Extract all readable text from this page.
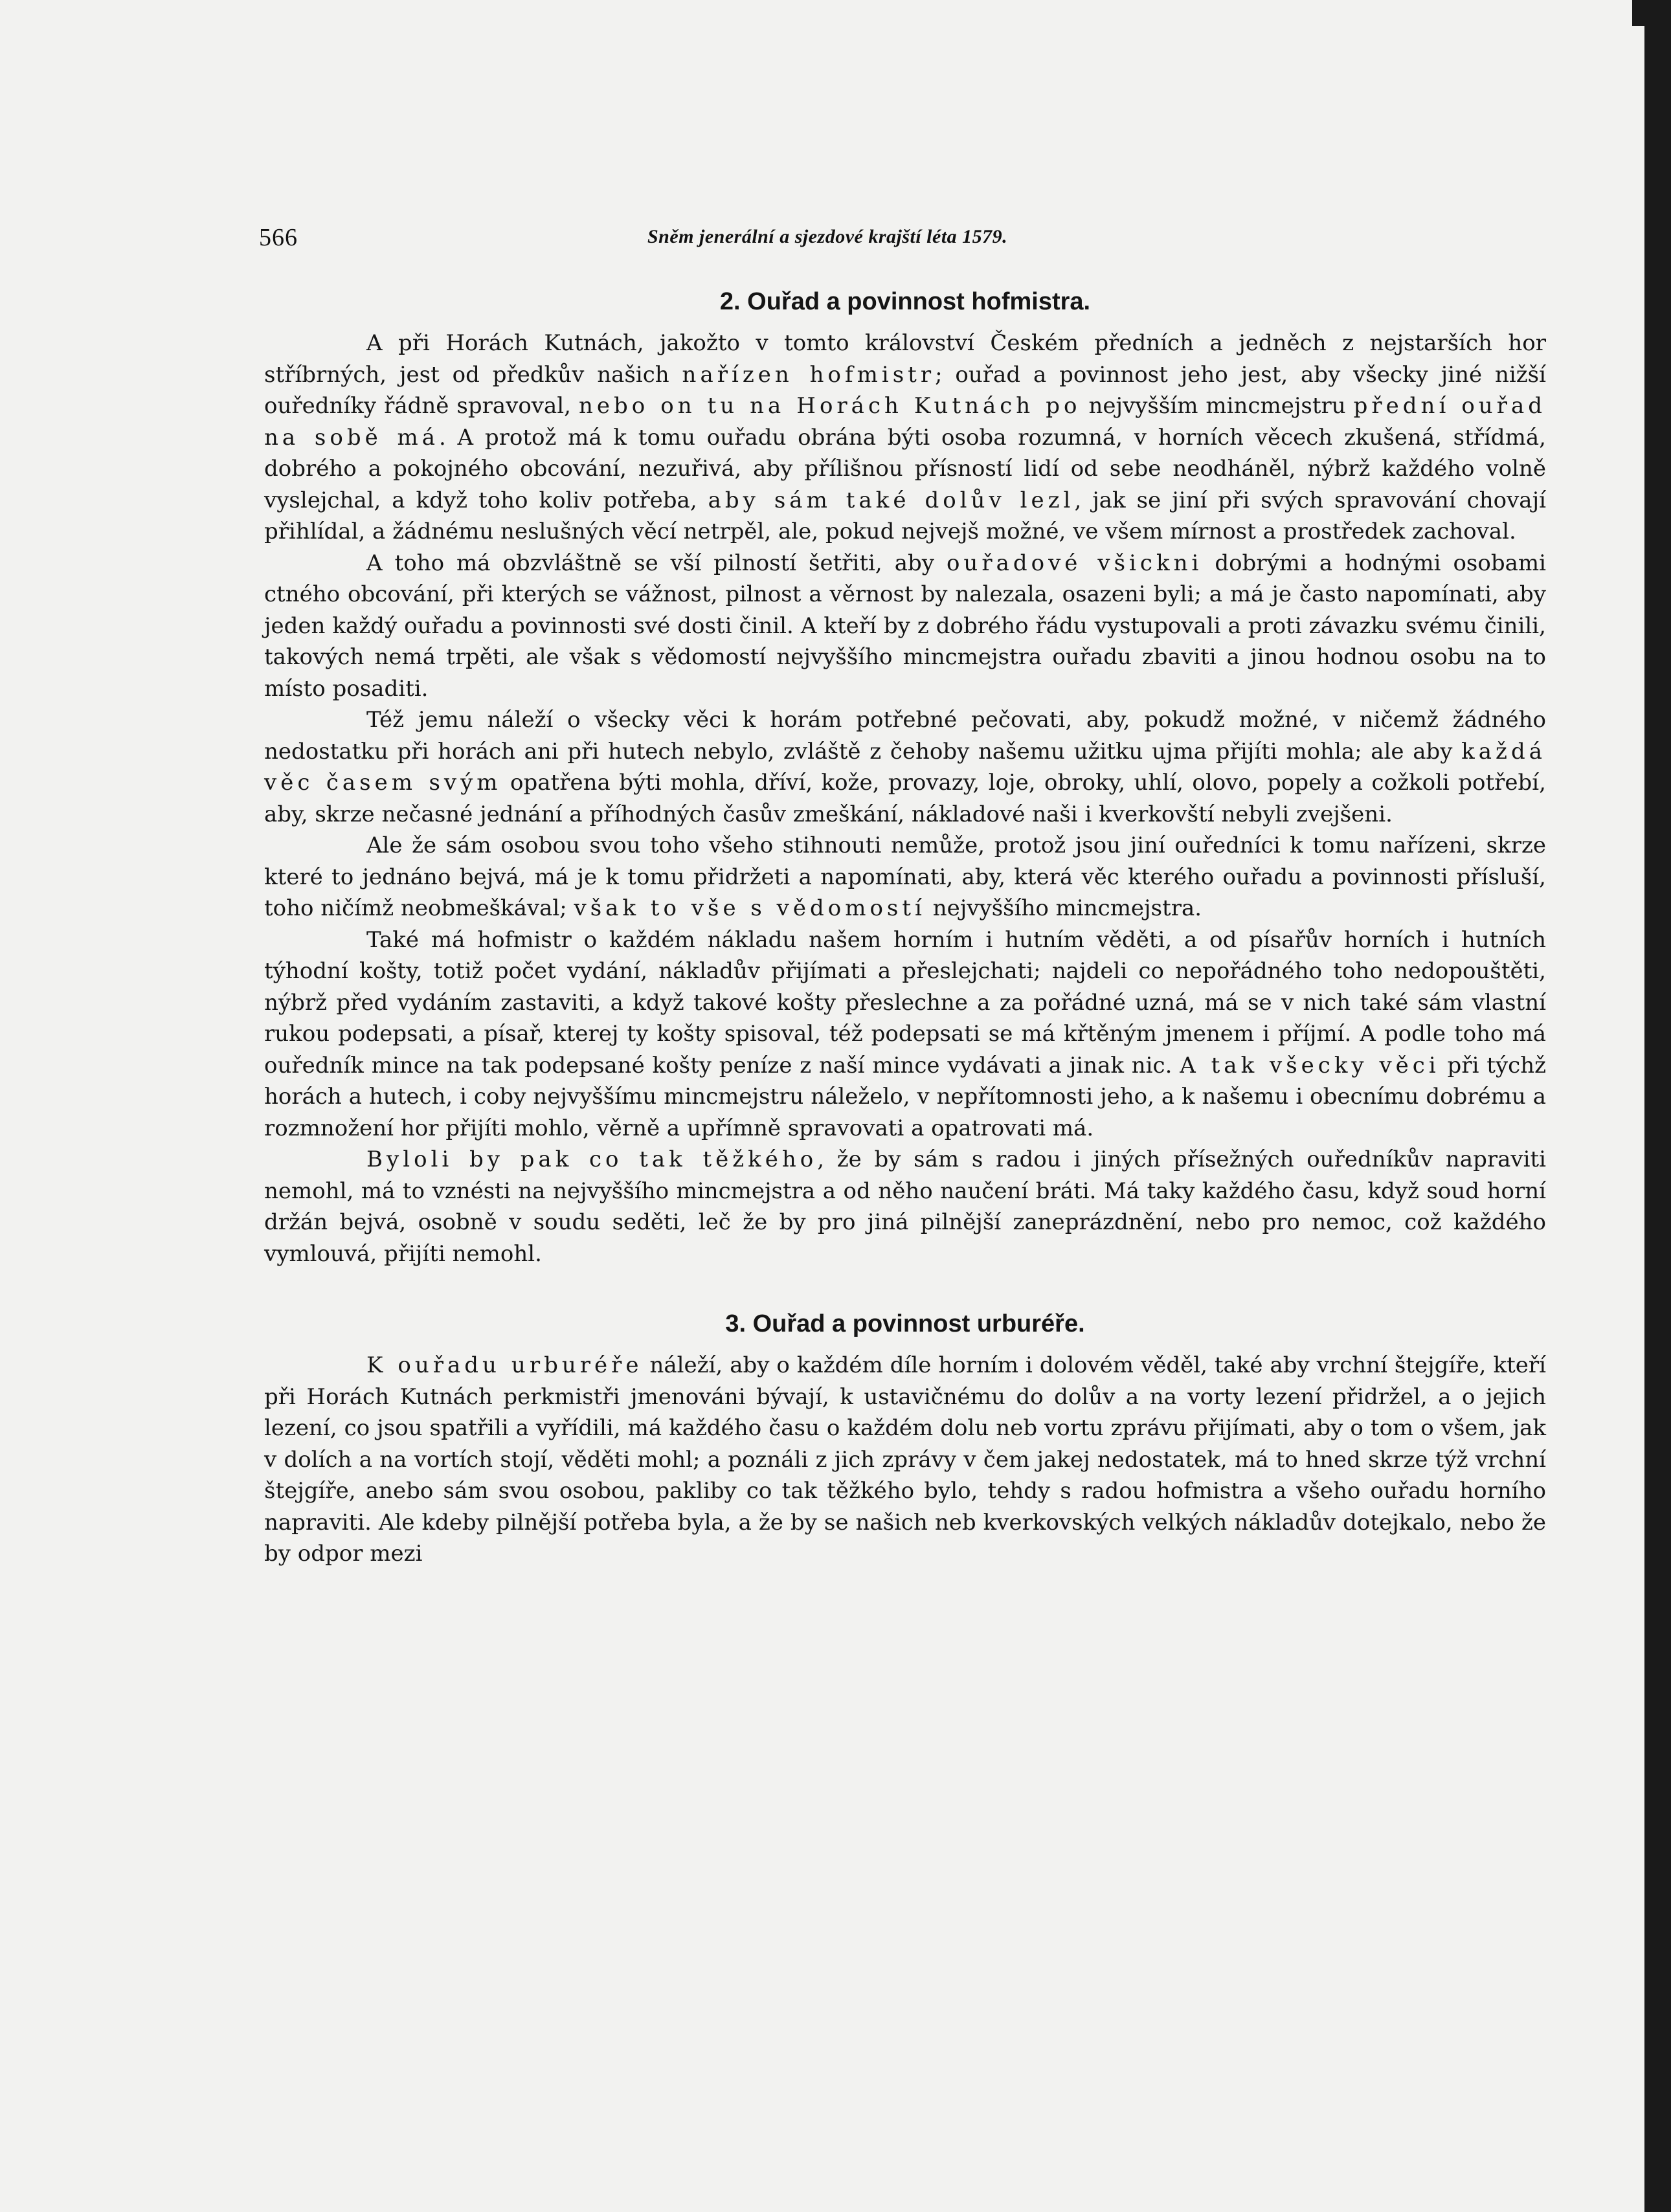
566	Sněm jenerální a sjezdové krajští léta 1579.
2. Ouřad a povinnost hofmistra.

A při Horách Kutnách, jakožto v tomto království Českém předních a jedněch z nejstarších hor stříbrných, jest od předkův našich nařízen hofmistr; ouřad a povinnost jeho jest, aby všecky jiné nižší ouředníky řádně spravoval, nebo on tu na Horách Kutnách po nejvyšším mincmejstru přední ouřad na sobě má. A protož má k tomu ouřadu obrána býti osoba rozumná, v horních věcech zkušená, střídmá, dobrého a pokojného obcování, nezuřivá, aby přílišnou přísností lidí od sebe neodháněl, nýbrž každého volně vyslejchal, a když toho koliv potřeba, aby sám také dolův lezl, jak se jiní při svých spravování chovají přihlídal, a žádnému neslušných věcí netrpěl, ale, pokud nejvejš možné, ve všem mírnost a prostředek zachoval.

A toho má obzvláštně se vší pilností šetřiti, aby ouřadové všickni dobrými a hodnými osobami ctného obcování, při kterých se vážnost, pilnost a věrnost by nalezala, osazeni byli; a má je často napomínati, aby jeden každý ouřadu a povinnosti své dosti činil. A kteří by z dobrého řádu vystupovali a proti závazku svému činili, takových nemá trpěti, ale však s vědomostí nejvyššího mincmejstra ouřadu zbaviti a jinou hodnou osobu na to místo posaditi.

Též jemu náleží o všecky věci k horám potřebné pečovati, aby, pokudž možné, v ničemž žádného nedostatku při horách ani při hutech nebylo, zvláště z čehoby našemu užitku ujma přijíti mohla; ale aby každá věc časem svým opatřena býti mohla, dříví, kože, provazy, loje, obroky, uhlí, olovo, popely a cožkoli potřebí, aby, skrze nečasné jednání a příhodných časův zmeškání, nákladové naši i kverkovští nebyli zvejšeni.

Ale že sám osobou svou toho všeho stihnouti nemůže, protož jsou jiní ouředníci k tomu nařízeni, skrze které to jednáno bejvá, má je k tomu přidržeti a napomínati, aby, která věc kterého ouřadu a povinnosti přísluší, toho ničímž neobmeškával; však to vše s vědomostí nejvyššího mincmejstra.

Také má hofmistr o každém nákladu našem horním i hutním věděti, a od písařův horních i hutních týhodní košty, totiž počet vydání, nákladův přijímati a přeslejchati; najdeli co nepořádného toho nedopouštěti, nýbrž před vydáním zastaviti, a když takové košty přeslechne a za pořádné uzná, má se v nich také sám vlastní rukou podepsati, a písař, kterej ty košty spisoval, též podepsati se má křtěným jmenem i příjmí. A podle toho má ouředník mince na tak podepsané košty peníze z naší mince vydávati a jinak nic. A tak všecky věci při týchž horách a hutech, i coby nejvyššímu mincmejstru náleželo, v nepřítomnosti jeho, a k našemu i obecnímu dobrému a rozmnožení hor přijíti mohlo, věrně a upřímně spravovati a opatrovati má.

Byloli by pak co tak těžkého, že by sám s radou i jiných přísežných ouředníkův napraviti nemohl, má to vznésti na nejvyššího mincmejstra a od něho naučení bráti. Má taky každého času, když soud horní držán bejvá, osobně v soudu seděti, leč že by pro jiná pilnější zaneprázdnění, nebo pro nemoc, což každého vymlouvá, přijíti nemohl.

3. Ouřad a povinnost urburéře.

K ouřadu urburéře náleží, aby o každém díle horním i dolovém věděl, také aby vrchní štejgíře, kteří při Horách Kutnách perkmistři jmenováni bývají, k ustavičnému do dolův a na vorty lezení přidržel, a o jejich lezení, co jsou spatřili a vyřídili, má každého času o každém dolu neb vortu zprávu přijímati, aby o tom o všem, jak v dolích a na vortích stojí, věděti mohl; a poználi z jich zprávy v čem jakej nedostatek, má to hned skrze týž vrchní štejgíře, anebo sám svou osobou, pakliby co tak těžkého bylo, tehdy s radou hofmistra a všeho ouřadu horního napraviti. Ale kdeby pilnější potřeba byla, a že by se našich neb kverkovských velkých nákladův dotejkalo, nebo že by odpor mezi
